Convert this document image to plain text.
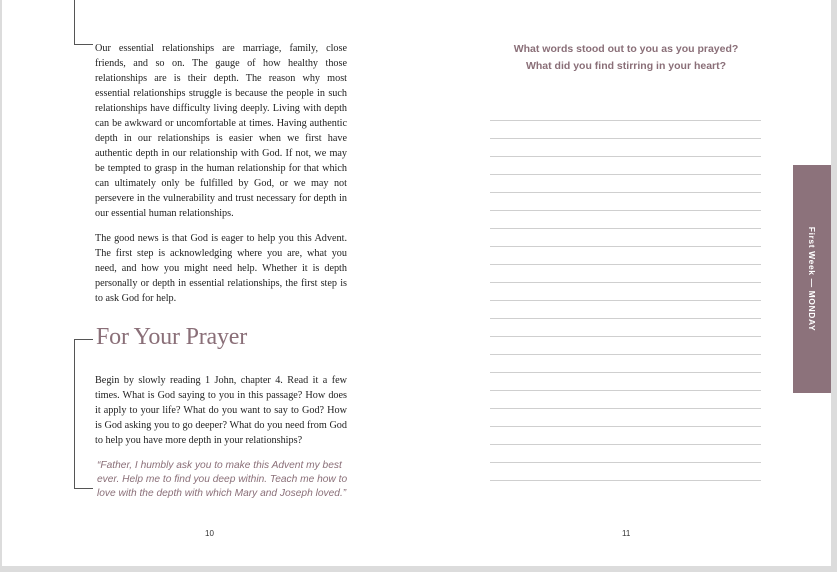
Our essential relationships are marriage, family, close friends, and so on. The gauge of how healthy those relationships are is their depth. The reason why most essential relationships struggle is because the people in such relationships have difficulty living deeply. Living with depth can be awkward or uncomfortable at times. Having authentic depth in our relationships is easier when we first have authentic depth in our relationship with God. If not, we may be tempted to grasp in the human relationship for that which can ultimately only be fulfilled by God, or we may not persevere in the vulnerability and trust necessary for depth in our essential human relationships.

The good news is that God is eager to help you this Advent. The first step is acknowledging where you are, what you need, and how you might need help. Whether it is depth personally or depth in essential relationships, the first step is to ask God for help.

For Your Prayer

Begin by slowly reading 1 John, chapter 4. Read it a few times. What is God saying to you in this passage? How does it apply to your life? What do you want to say to God? How is God asking you to go deeper? What do you need from God to help you have more depth in your relationships?

“Father, I humbly ask you to make this Advent my best ever. Help me to find you deep within. Teach me how to love with the depth with which Mary and Joseph loved.”

10
What words stood out to you as you prayed?
What did you find stirring in your heart?
11
First Week — MONDAY
